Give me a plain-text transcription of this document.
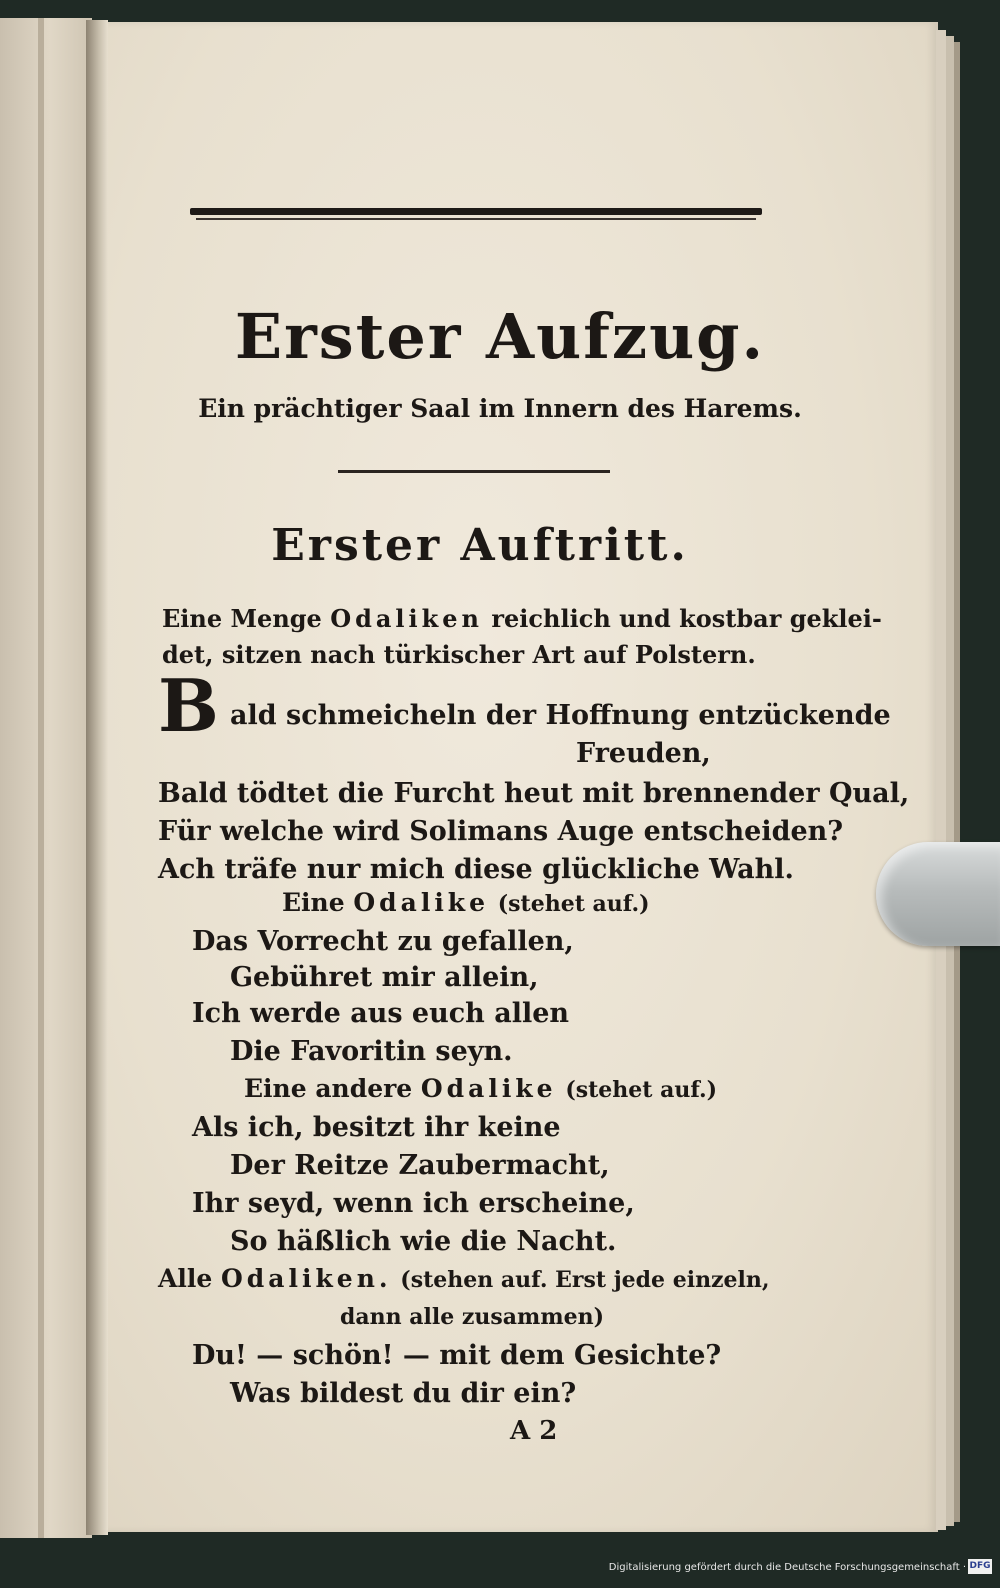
Erster Aufzug.

Ein prächtiger Saal im Innern des Harems.

Erster Auftritt.

Eine Menge Odaliken reichlich und kostbar geklei-

det, sitzen nach türkischer Art auf Polstern.

B ald schmeicheln der Hoffnung entzückende

Freuden,

Bald tödtet die Furcht heut mit brennender Qual,

Für welche wird Solimans Auge entscheiden?

Ach träfe nur mich diese glückliche Wahl.

Eine Odalike (stehet auf.)

Das Vorrecht zu gefallen,

Gebühret mir allein,

Ich werde aus euch allen

Die Favoritin seyn.

Eine andere Odalike (stehet auf.)

Als ich, besitzt ihr keine

Der Reitze Zaubermacht,

Ihr seyd, wenn ich erscheine,

So häßlich wie die Nacht.

Alle Odaliken. (stehen auf. Erst jede einzeln,

dann alle zusammen)

Du! — schön! — mit dem Gesichte?

Was bildest du dir ein?

A 2

Digitalisierung gefördert durch die Deutsche Forschungsgemeinschaft · DFG
